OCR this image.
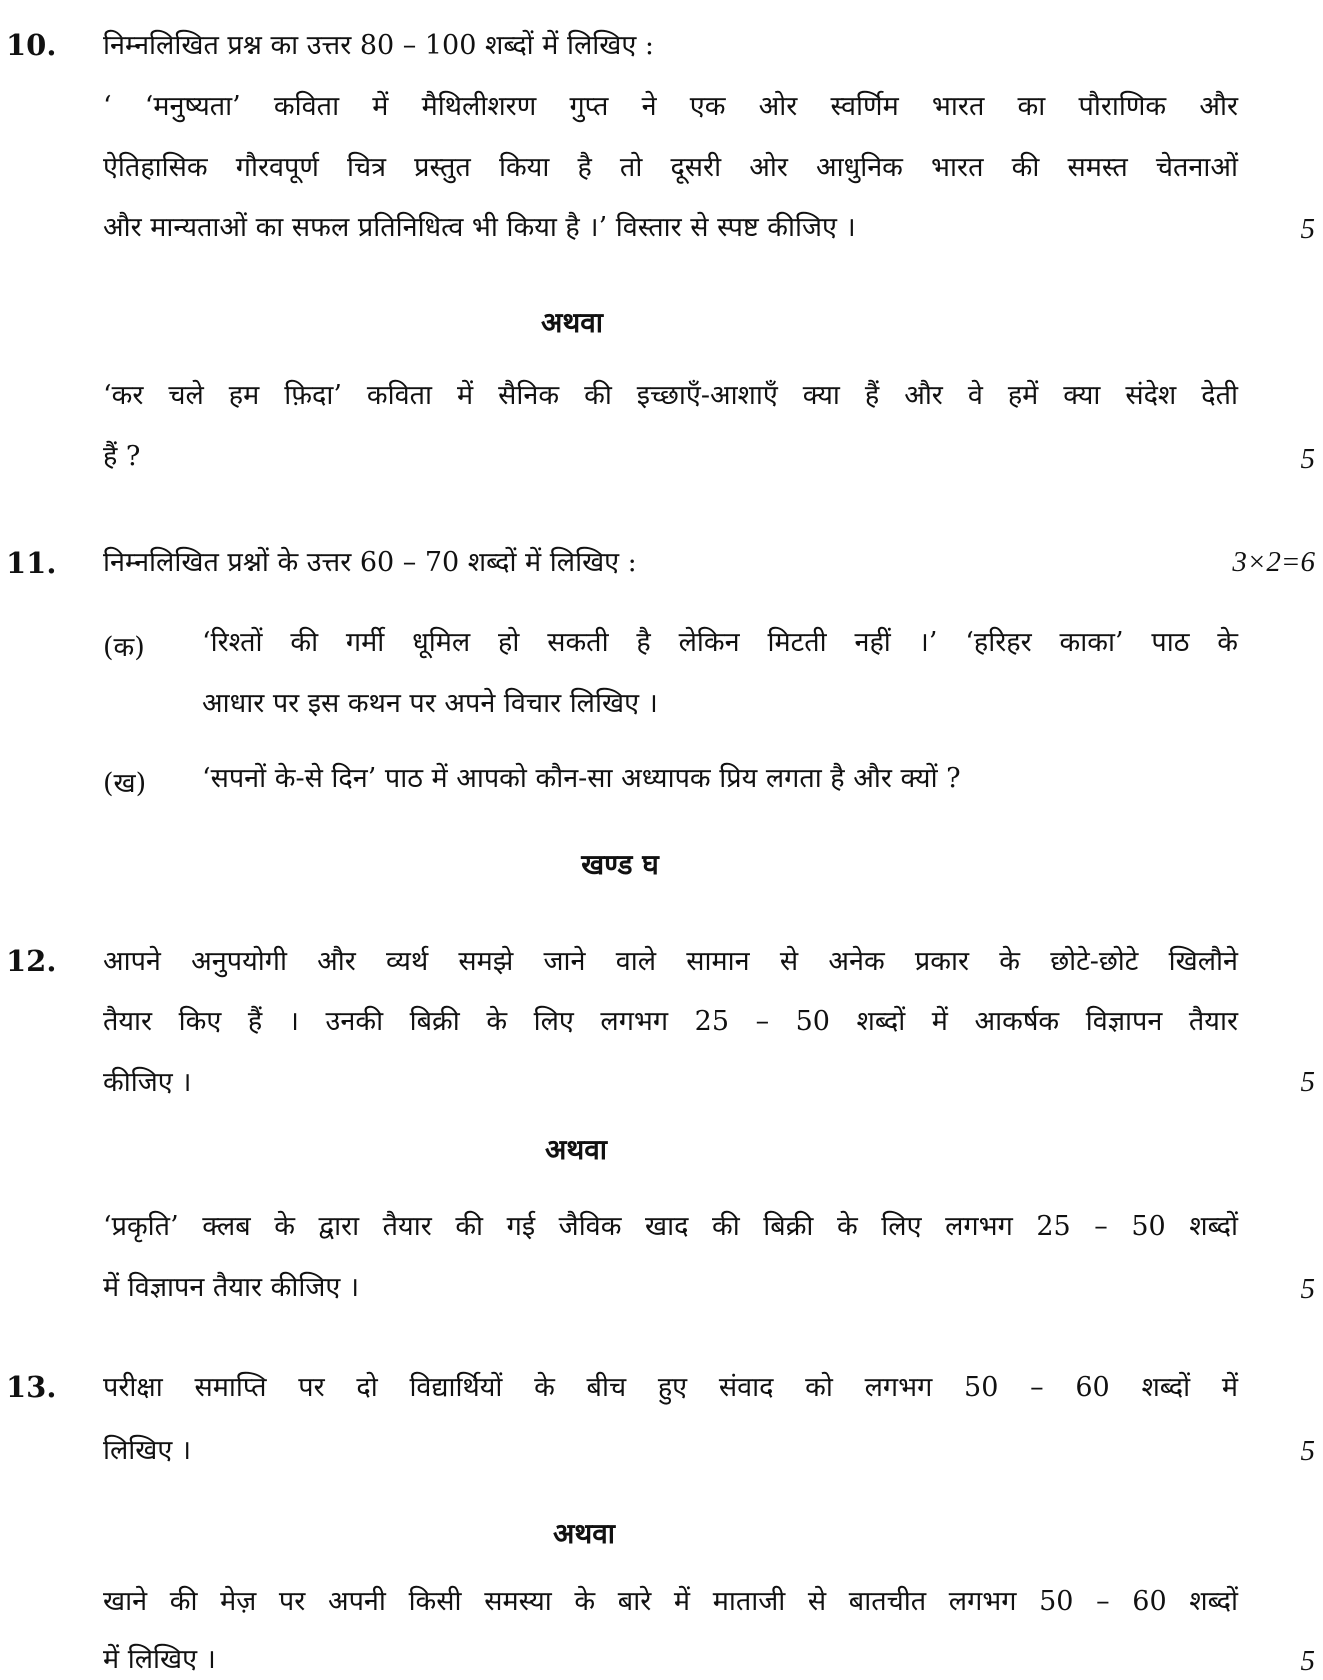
10. निम्नलिखित प्रश्न का उत्तर 80 – 100 शब्दों में लिखिए :
‘ ‘मनुष्यता’ कविता में मैथिलीशरण गुप्त ने एक ओर स्वर्णिम भारत का पौराणिक और
ऐतिहासिक गौरवपूर्ण चित्र प्रस्तुत किया है तो दूसरी ओर आधुनिक भारत की समस्त चेतनाओं
और मान्यताओं का सफल प्रतिनिधित्व भी किया है ।’ विस्तार से स्पष्ट कीजिए ।	5
अथवा
‘कर चले हम फ़िदा’ कविता में सैनिक की इच्छाएँ-आशाएँ क्या हैं और वे हमें क्या संदेश देती
हैं ?	5
11. निम्नलिखित प्रश्नों के उत्तर 60 – 70 शब्दों में लिखिए :	3×2=6
(क) ‘रिश्तों की गर्मी धूमिल हो सकती है लेकिन मिटती नहीं ।’ ‘हरिहर काका’ पाठ के
आधार पर इस कथन पर अपने विचार लिखिए ।
(ख) ‘सपनों के-से दिन’ पाठ में आपको कौन-सा अध्यापक प्रिय लगता है और क्यों ?
खण्ड घ
12. आपने अनुपयोगी और व्यर्थ समझे जाने वाले सामान से अनेक प्रकार के छोटे-छोटे खिलौने
तैयार किए हैं । उनकी बिक्री के लिए लगभग 25 – 50 शब्दों में आकर्षक विज्ञापन तैयार
कीजिए ।	5
अथवा
‘प्रकृति’ क्लब के द्वारा तैयार की गई जैविक खाद की बिक्री के लिए लगभग 25 – 50 शब्दों
में विज्ञापन तैयार कीजिए ।	5
13. परीक्षा समाप्ति पर दो विद्यार्थियों के बीच हुए संवाद को लगभग 50 – 60 शब्दों में
लिखिए ।	5
अथवा
खाने की मेज़ पर अपनी किसी समस्या के बारे में माताजी से बातचीत लगभग 50 – 60 शब्दों
में लिखिए ।	5
